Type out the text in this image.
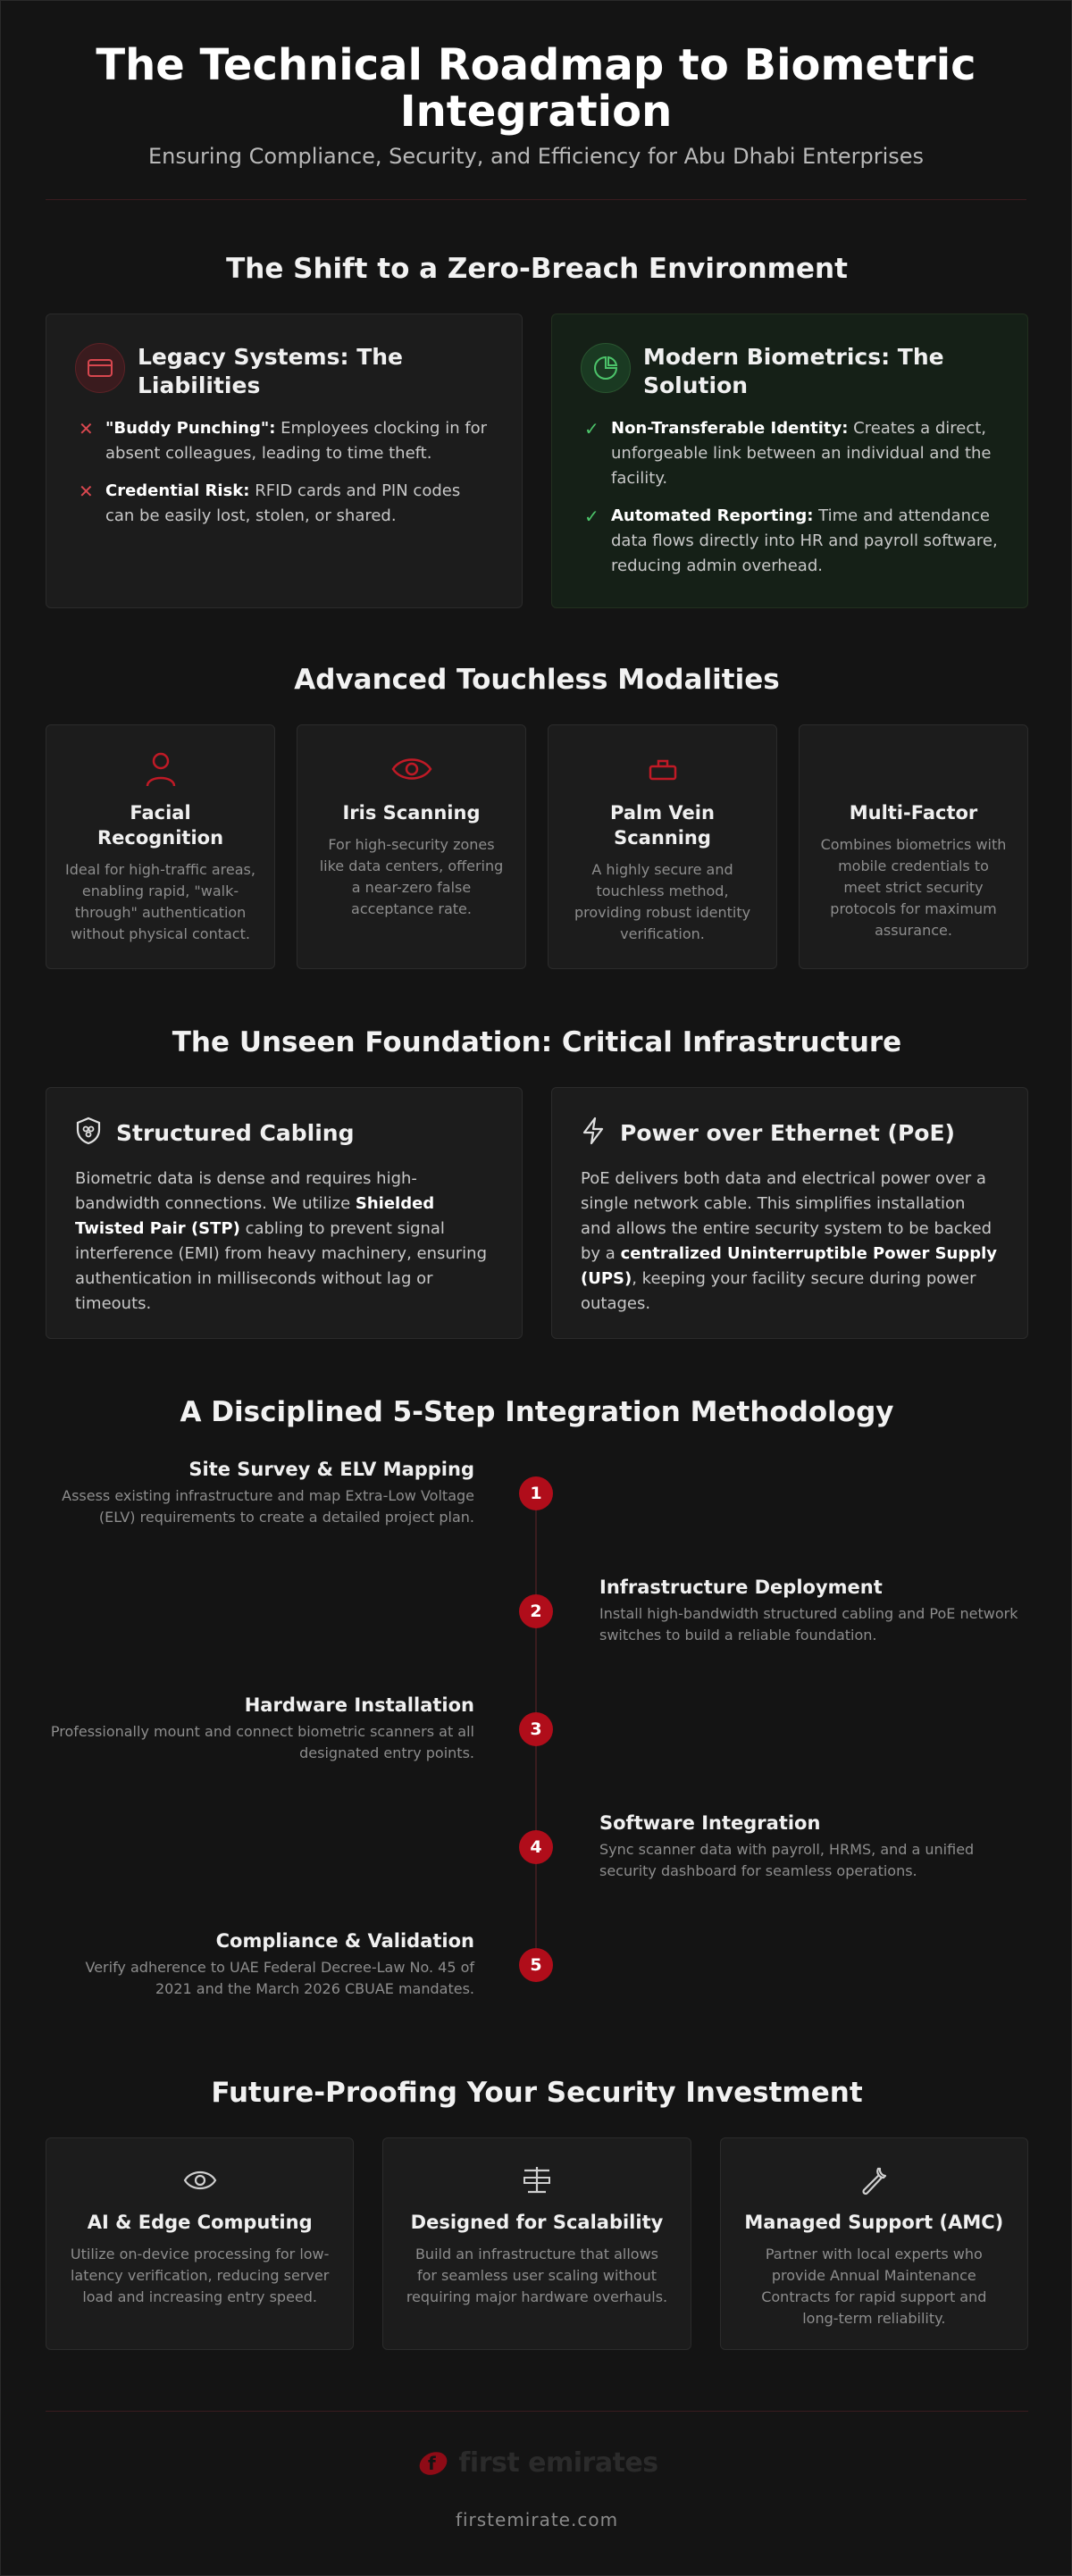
The Technical Roadmap to Biometric Integration

Ensuring Compliance, Security, and Efficiency for Abu Dhabi Enterprises

The Shift to a Zero-Breach Environment
Legacy Systems: The Liabilities
✕ "Buddy Punching": Employees clocking in for absent colleagues, leading to time theft.
✕ Credential Risk: RFID cards and PIN codes can be easily lost, stolen, or shared.
Modern Biometrics: The Solution
✓ Non-Transferable Identity: Creates a direct, unforgeable link between an individual and the facility.
✓ Automated Reporting: Time and attendance data flows directly into HR and payroll software, reducing admin overhead.
Advanced Touchless Modalities
Facial Recognition

Ideal for high-traffic areas, enabling rapid, "walk-through" authentication without physical contact.

Iris Scanning

For high-security zones like data centers, offering a near-zero false acceptance rate.

Palm Vein Scanning

A highly secure and touchless method, providing robust identity verification.

Multi-Factor

Combines biometrics with mobile credentials to meet strict security protocols for maximum assurance.

The Unseen Foundation: Critical Infrastructure
Structured Cabling

Biometric data is dense and requires high-bandwidth connections. We utilize Shielded Twisted Pair (STP) cabling to prevent signal interference (EMI) from heavy machinery, ensuring authentication in milliseconds without lag or timeouts.

Power over Ethernet (PoE)

PoE delivers both data and electrical power over a single network cable. This simplifies installation and allows the entire security system to be backed by a centralized Uninterruptible Power Supply (UPS), keeping your facility secure during power outages.

A Disciplined 5-Step Integration Methodology
Site Survey & ELV Mapping

Assess existing infrastructure and map Extra-Low Voltage (ELV) requirements to create a detailed project plan.

1
Infrastructure Deployment

Install high-bandwidth structured cabling and PoE network switches to build a reliable foundation.

2
Hardware Installation

Professionally mount and connect biometric scanners at all designated entry points.

3
Software Integration

Sync scanner data with payroll, HRMS, and a unified security dashboard for seamless operations.

4
Compliance & Validation

Verify adherence to UAE Federal Decree-Law No. 45 of 2021 and the March 2026 CBUAE mandates.

5
Future-Proofing Your Security Investment
AI & Edge Computing

Utilize on-device processing for low-latency verification, reducing server load and increasing entry speed.

Designed for Scalability

Build an infrastructure that allows for seamless user scaling without requiring major hardware overhauls.

Managed Support (AMC)

Partner with local experts who provide Annual Maintenance Contracts for rapid support and long-term reliability.

f first emirates
firstemirate.com
